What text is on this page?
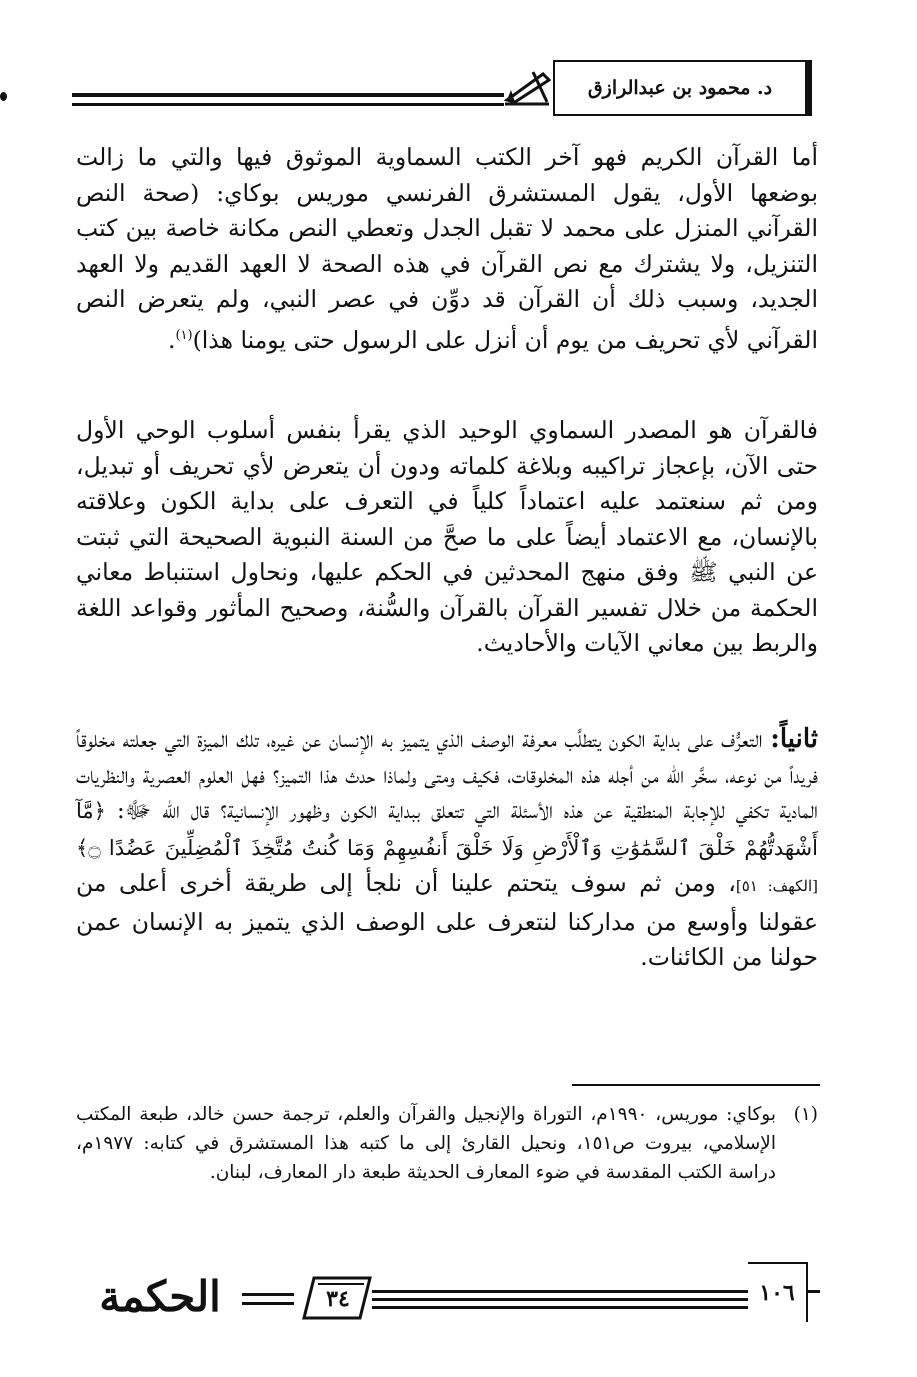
د. محمود بن عبدالرازق
أما القرآن الكريم فهو آخر الكتب السماوية الموثوق فيها والتي ما زالت بوضعها الأول، يقول المستشرق الفرنسي موريس بوكاي: (صحة النص القرآني المنزل على محمد لا تقبل الجدل وتعطي النص مكانة خاصة بين كتب التنزيل، ولا يشترك مع نص القرآن في هذه الصحة لا العهد القديم ولا العهد الجديد، وسبب ذلك أن القرآن قد دوِّن في عصر النبي، ولم يتعرض النص القرآني لأي تحريف من يوم أن أنزل على الرسول حتى يومنا هذا)$^{(١)}$.
فالقرآن هو المصدر السماوي الوحيد الذي يقرأ بنفس أسلوب الوحي الأول حتى الآن، بإعجاز تراكيبه وبلاغة كلماته ودون أن يتعرض لأي تحريف أو تبديل، ومن ثم سنعتمد عليه اعتماداً كلياً في التعرف على بداية الكون وعلاقته بالإنسان، مع الاعتماد أيضاً على ما صحَّ من السنة النبوية الصحيحة التي ثبتت عن النبي ﷺ وفق منهج المحدثين في الحكم عليها، ونحاول استنباط معاني الحكمة من خلال تفسير القرآن بالقرآن والسُّنة، وصحيح المأثور وقواعد اللغة والربط بين معاني الآيات والأحاديث.
ثانياً: التعرُّف على بداية الكون يتطلَّب معرفة الوصف الذي يتميز به الإنسان عن غيره، تلك الميزة التي جعلته مخلوقاً فريداً من نوعه، سخَّر الله من أجله هذه المخلوقات، فكيف ومتى ولماذا حدث هذا التميز؟ فهل العلوم العصرية والنظريات المادية تكفي للإجابة المنطقية عن هذه الأسئلة التي تتعلق ببداية الكون وظهور الإنسانية؟ قال الله ﷻ: ﴿مَّآ أَشْهَدتُّهُمْ خَلْقَ ٱلسَّمَٰوَٰتِ وَٱلْأَرْضِ وَلَا خَلْقَ أَنفُسِهِمْ وَمَا كُنتُ مُتَّخِذَ ٱلْمُضِلِّينَ عَضُدًا ۝﴾ [الكهف: ٥١]، ومن ثم سوف يتحتم علينا أن نلجأ إلى طريقة أخرى أعلى من عقولنا وأوسع من مداركنا لنتعرف على الوصف الذي يتميز به الإنسان عمن حولنا من الكائنات.
(١)
بوكاي: موريس، ١٩٩٠م، التوراة والإنجيل والقرآن والعلم، ترجمة حسن خالد، طبعة المكتب الإسلامي، بيروت ص١٥١، ونحيل القارئ إلى ما كتبه هذا المستشرق في كتابه: ١٩٧٧م، دراسة الكتب المقدسة في ضوء المعارف الحديثة طبعة دار المعارف، لبنان.
١٠٦
٣٤
الحكمة
